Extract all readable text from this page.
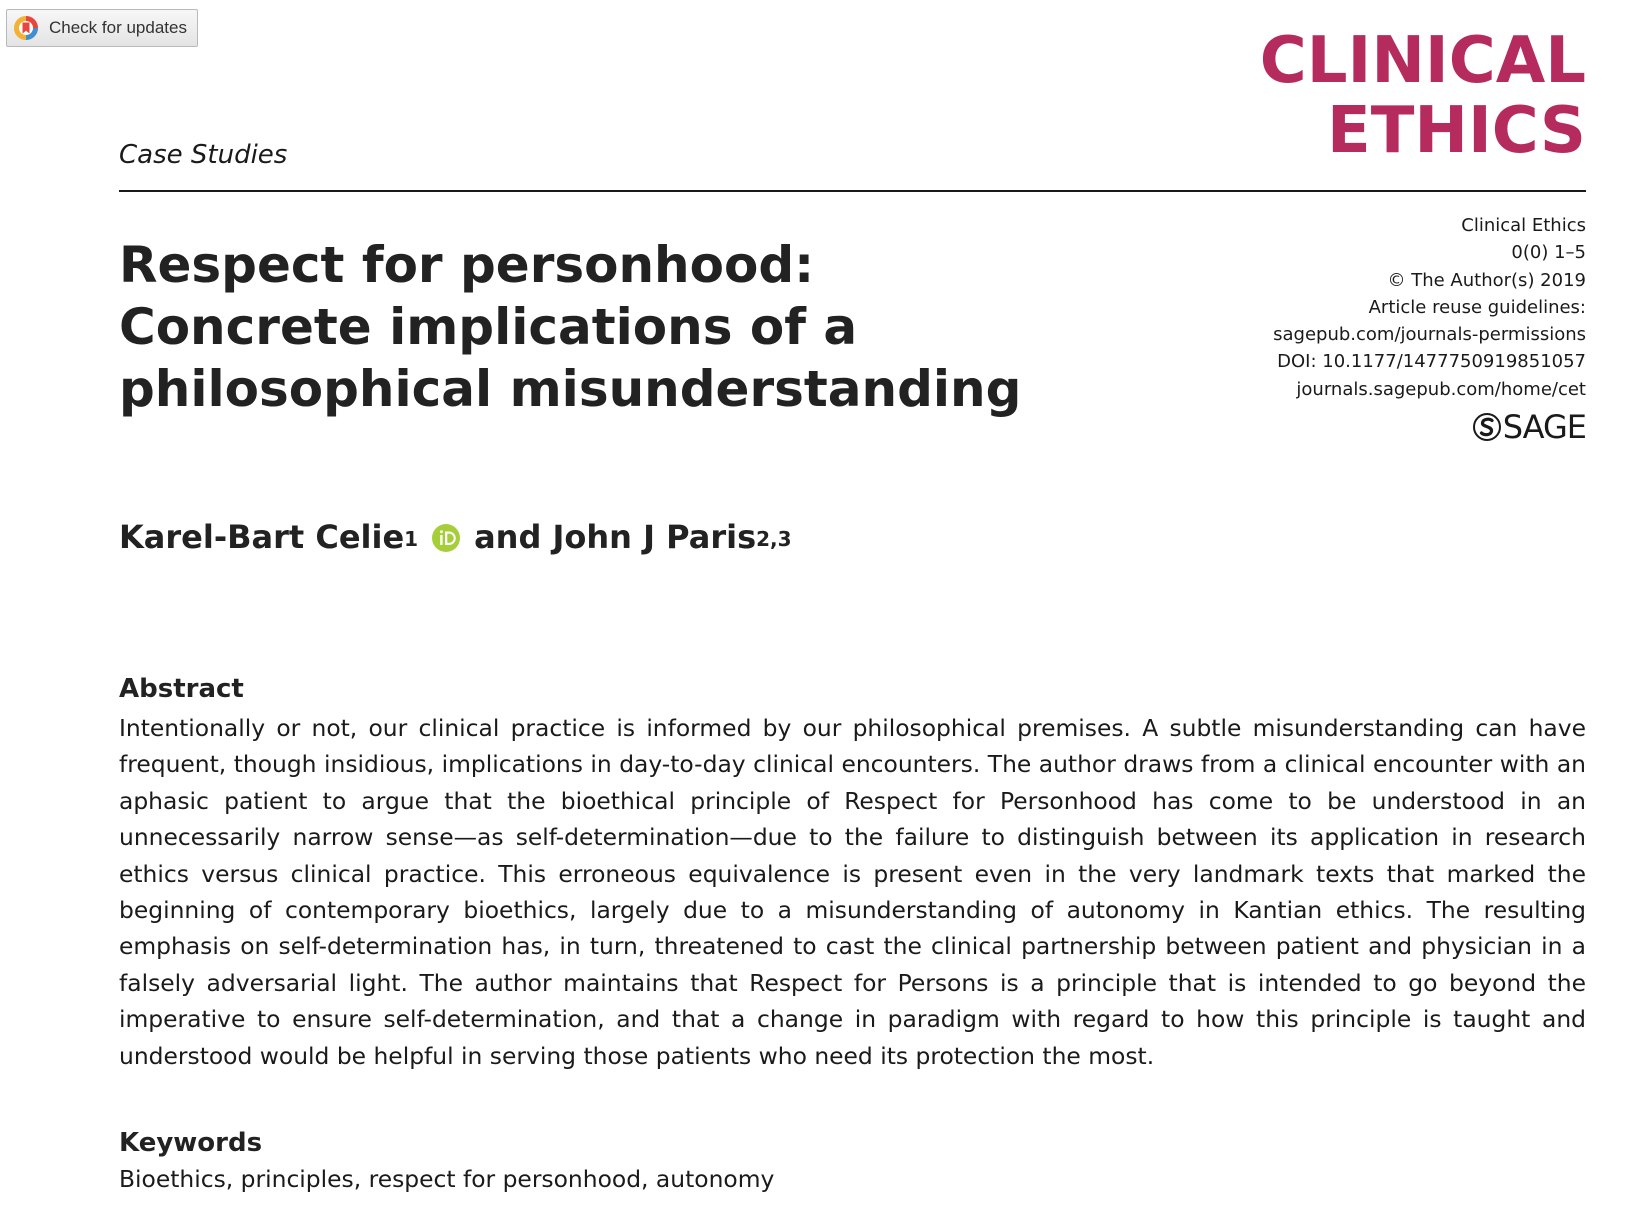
Check for updates	CLINICAL
ETHICS
Case Studies
Respect for personhood: Concrete implications of a philosophical misunderstanding
Clinical Ethics
0(0) 1–5
© The Author(s) 2019
Article reuse guidelines:
sagepub.com/journals-permissions
DOI: 10.1177/1477750919851057
journals.sagepub.com/home/cet
SAGE
Karel-Bart Celie$^1$ and John J Paris$^{2,3}$
Abstract

Intentionally or not, our clinical practice is informed by our philosophical premises. A subtle misunderstanding can have frequent, though insidious, implications in day-to-day clinical encounters. The author draws from a clinical encounter with an aphasic patient to argue that the bioethical principle of Respect for Personhood has come to be understood in an unnecessarily narrow sense—as self-determination—due to the failure to distinguish between its application in research ethics versus clinical practice. This erroneous equivalence is present even in the very landmark texts that marked the beginning of contemporary bioethics, largely due to a misunderstanding of autonomy in Kantian ethics. The resulting emphasis on self-determination has, in turn, threatened to cast the clinical partnership between patient and physician in a falsely adversarial light. The author maintains that Respect for Persons is a principle that is intended to go beyond the imperative to ensure self-determination, and that a change in paradigm with regard to how this principle is taught and understood would be helpful in serving those patients who need its protection the most.

Keywords
Bioethics, principles, respect for personhood, autonomy
